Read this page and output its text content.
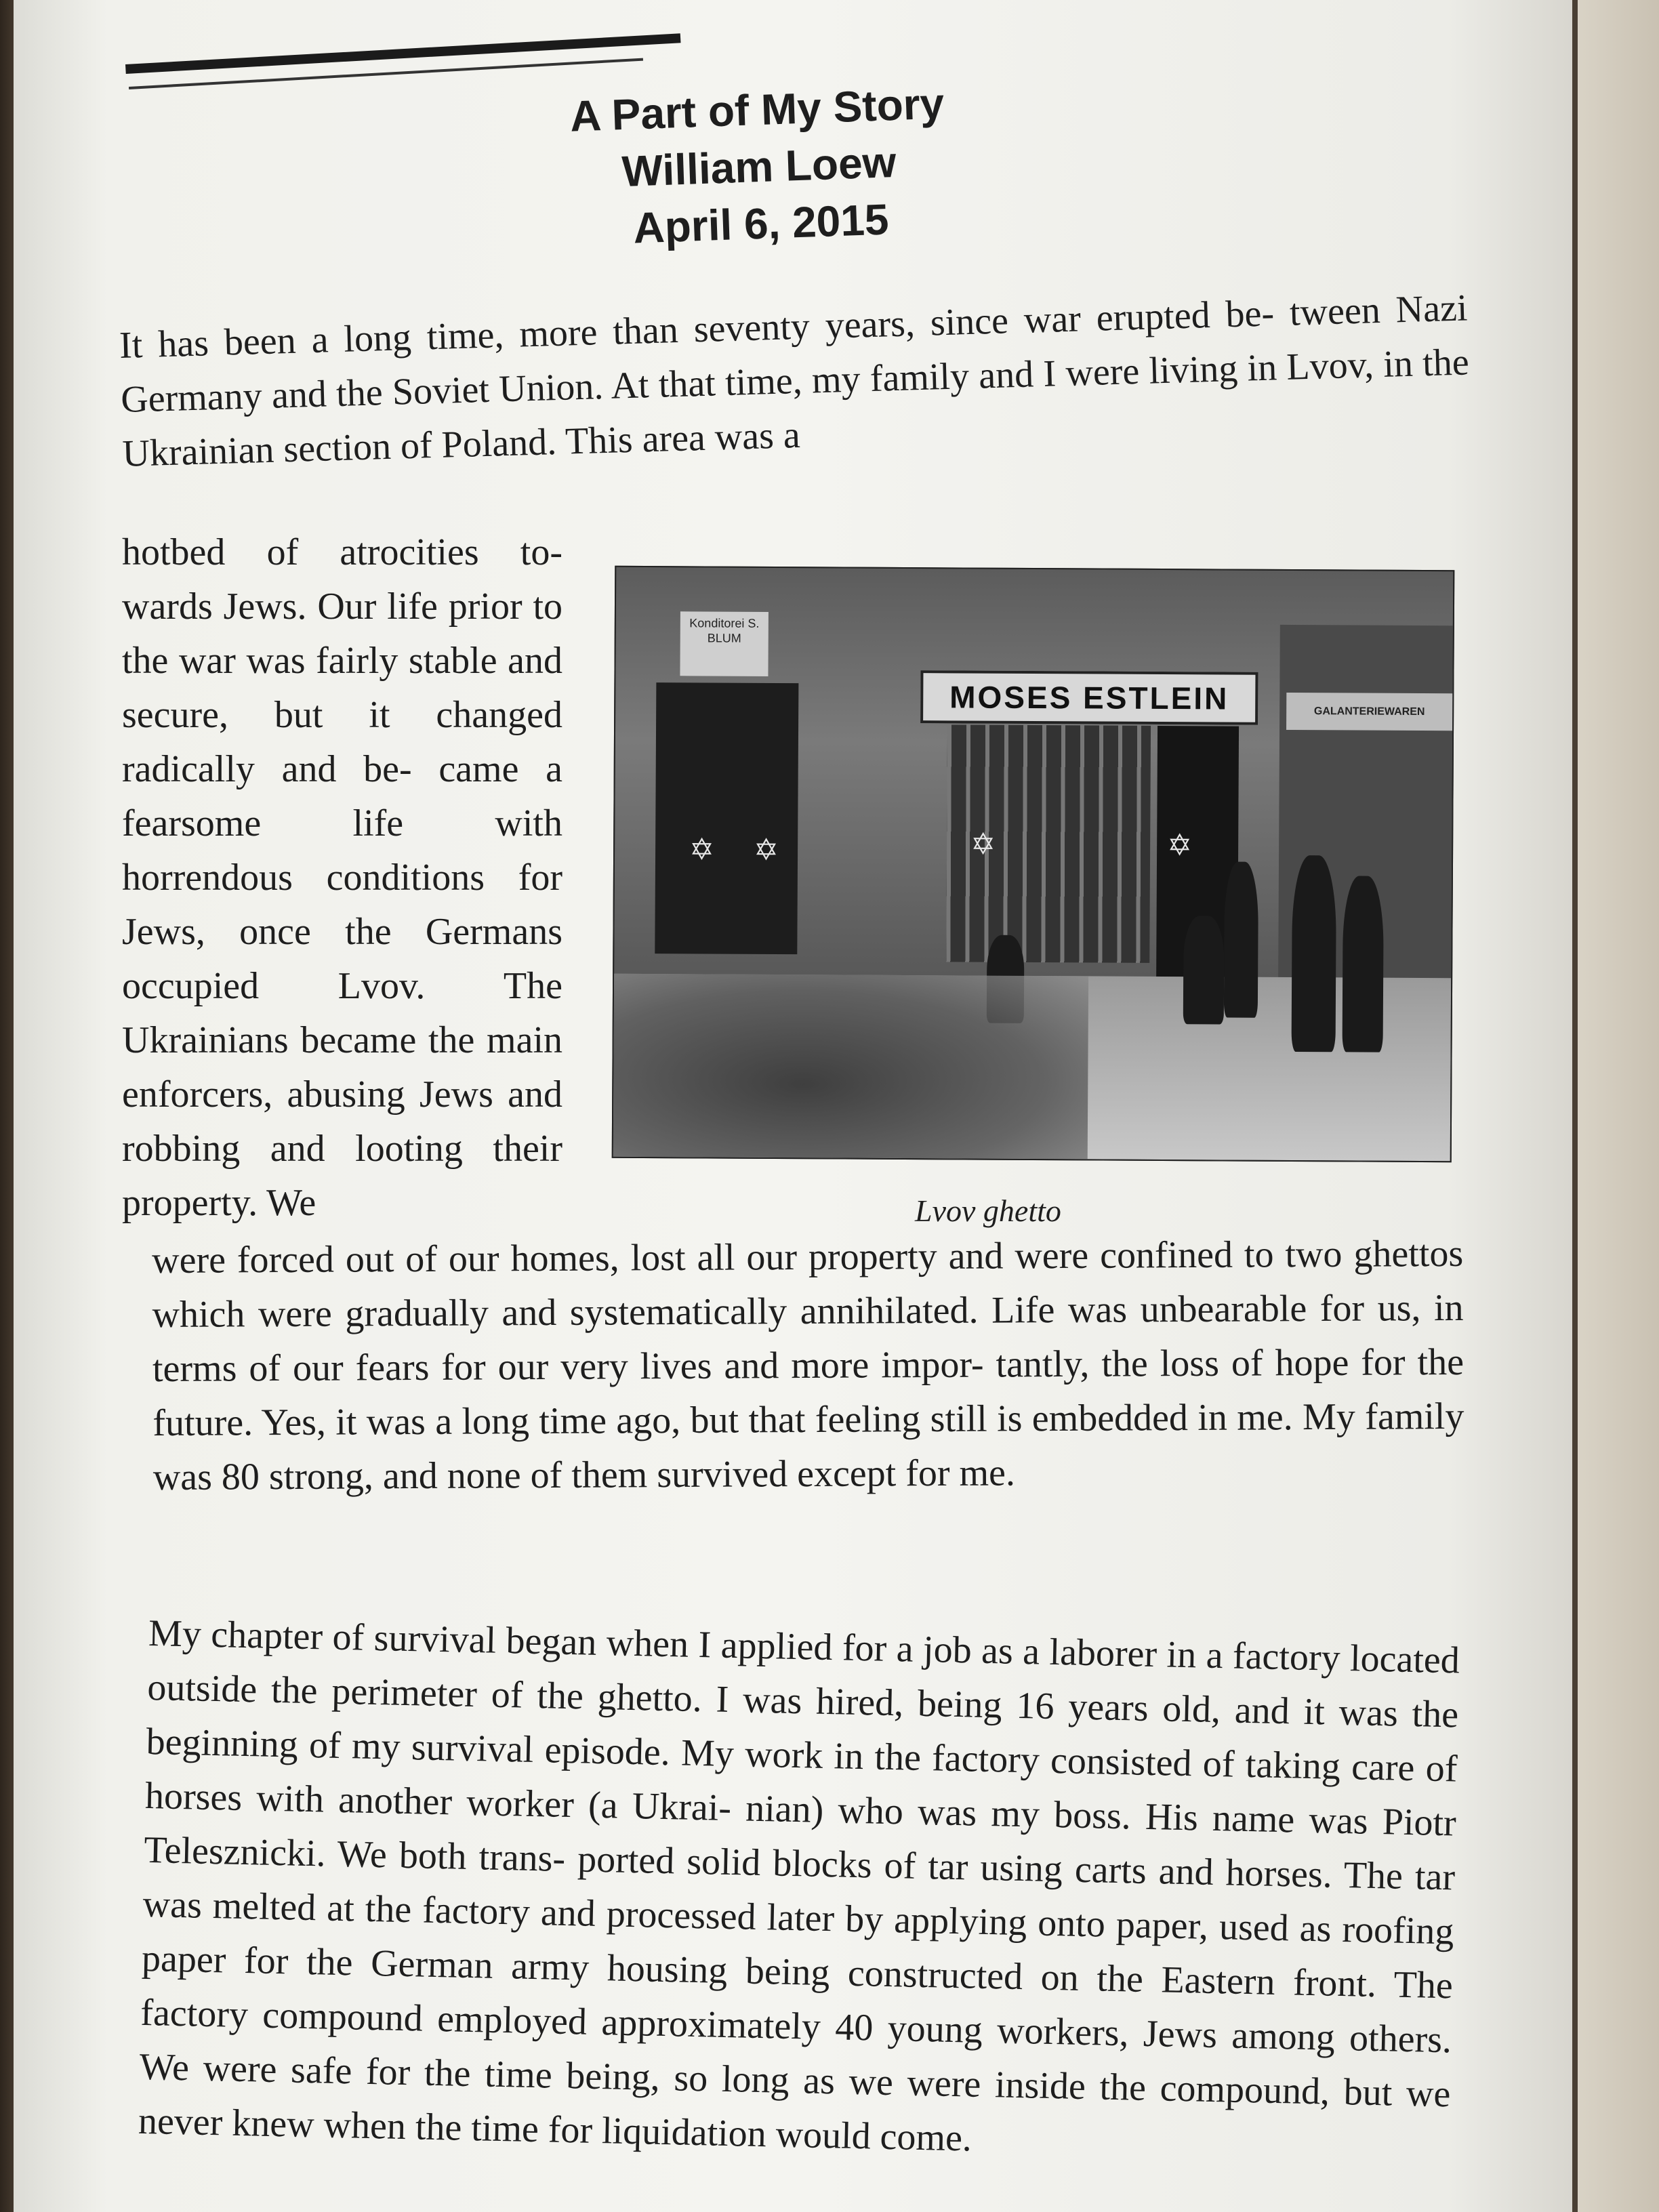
A Part of My Story
William Loew
April 6, 2015
It has been a long time, more than seventy years, since war erupted be- tween Nazi Germany and the Soviet Union. At that time, my family and I were living in Lvov, in the Ukrainian section of Poland. This area was a
hotbed of atrocities to- wards Jews. Our life prior to the war was fairly stable and secure, but it changed radically and be- came a fearsome life with horrendous conditions for Jews, once the Germans occupied Lvov. The Ukrainians became the main enforcers, abusing Jews and robbing and looting their property. We
Konditorei S. BLUM
MOSES ESTLEIN	GALANTERIEWAREN
✡ ✡	✡	✡
Lvov ghetto
were forced out of our homes, lost all our property and were confined to two ghettos which were gradually and systematically annihilated. Life was unbearable for us, in terms of our fears for our very lives and more impor- tantly, the loss of hope for the future. Yes, it was a long time ago, but that feeling still is embedded in me. My family was 80 strong, and none of them survived except for me.
My chapter of survival began when I applied for a job as a laborer in a factory located outside the perimeter of the ghetto. I was hired, being 16 years old, and it was the beginning of my survival episode. My work in the factory consisted of taking care of horses with another worker (a Ukrai- nian) who was my boss. His name was Piotr Telesznicki. We both trans- ported solid blocks of tar using carts and horses. The tar was melted at the factory and processed later by applying onto paper, used as roofing paper for the German army housing being constructed on the Eastern front. The factory compound employed approximately 40 young workers, Jews among others. We were safe for the time being, so long as we were inside the compound, but we never knew when the time for liquidation would come.
